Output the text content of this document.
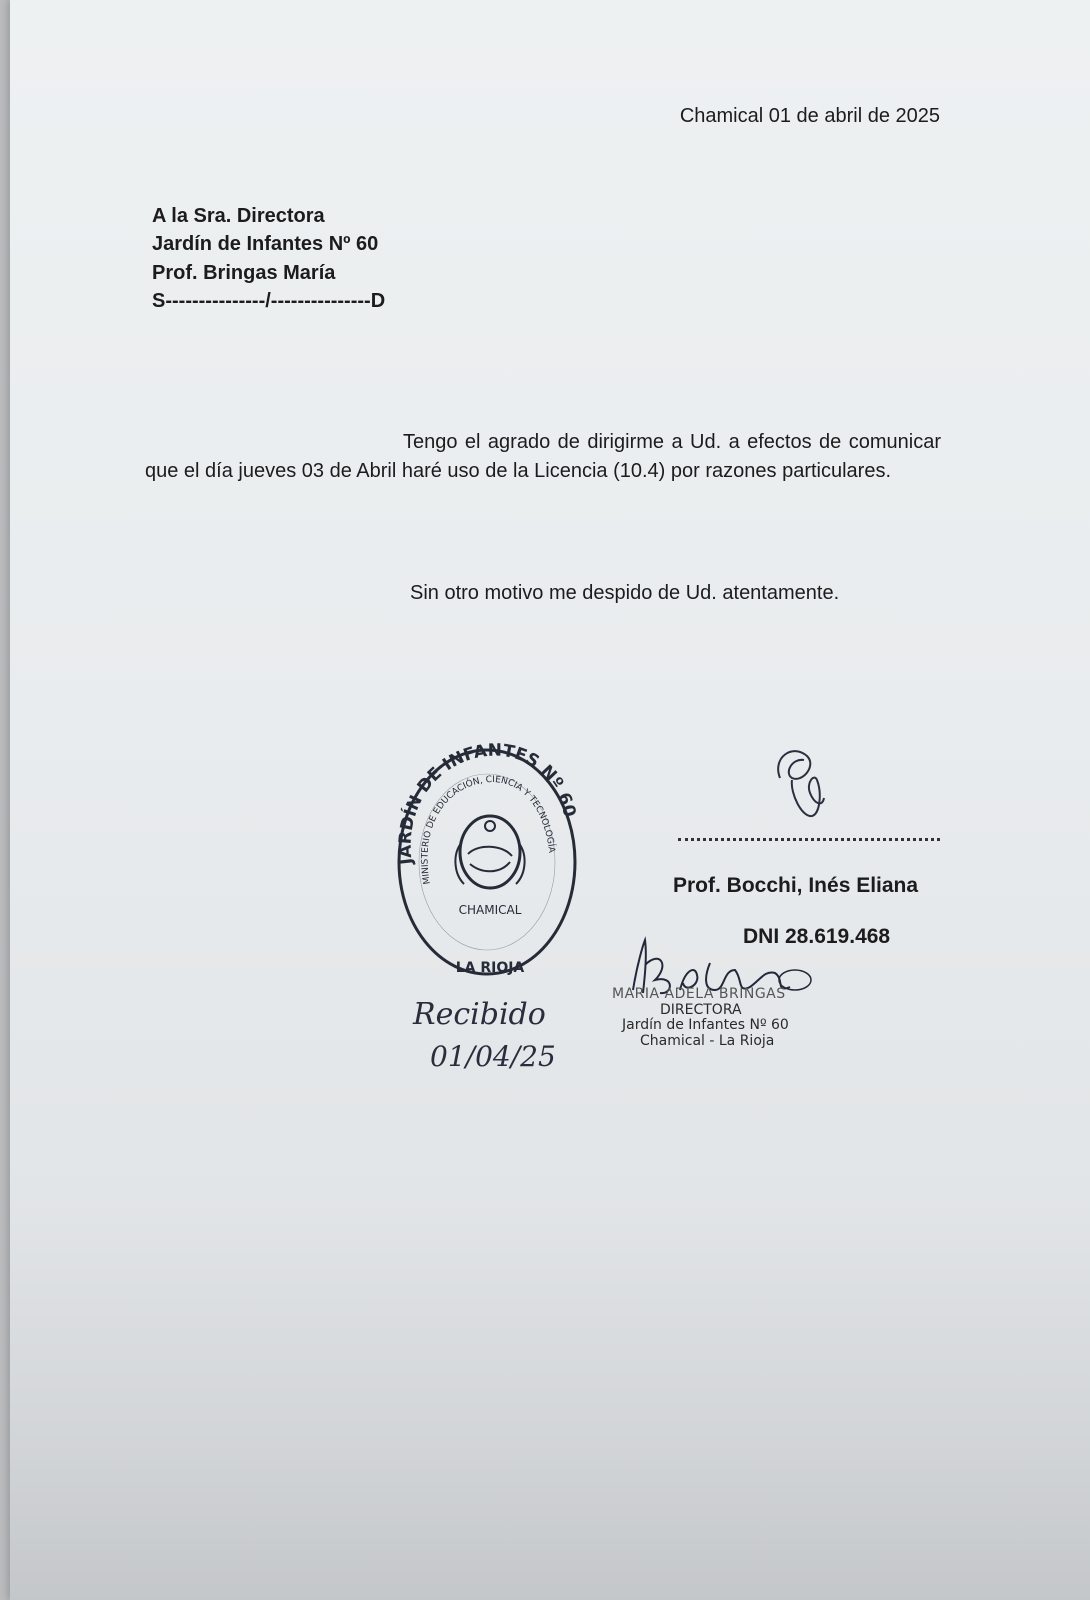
Chamical 01 de abril de 2025
A la Sra. Directora
Jardín de Infantes Nº 60
Prof. Bringas María
S---------------/---------------D
Tengo el agrado de dirigirme a Ud. a efectos de comunicar que el día jueves 03 de Abril haré uso de la Licencia (10.4) por razones particulares.
Sin otro motivo me despido de Ud. atentamente.
Prof. Bocchi, Inés Eliana
DNI 28.619.468
JARDÍN DE INFANTES Nº 60
MINISTERIO DE EDUCACIÓN, CIENCIA Y TECNOLOGÍA
CHAMICAL
LA RIOJA
Recibido
01/04/25
MARIA ADELA BRINGAS
DIRECTORA
Jardín de Infantes Nº 60
Chamical - La Rioja
